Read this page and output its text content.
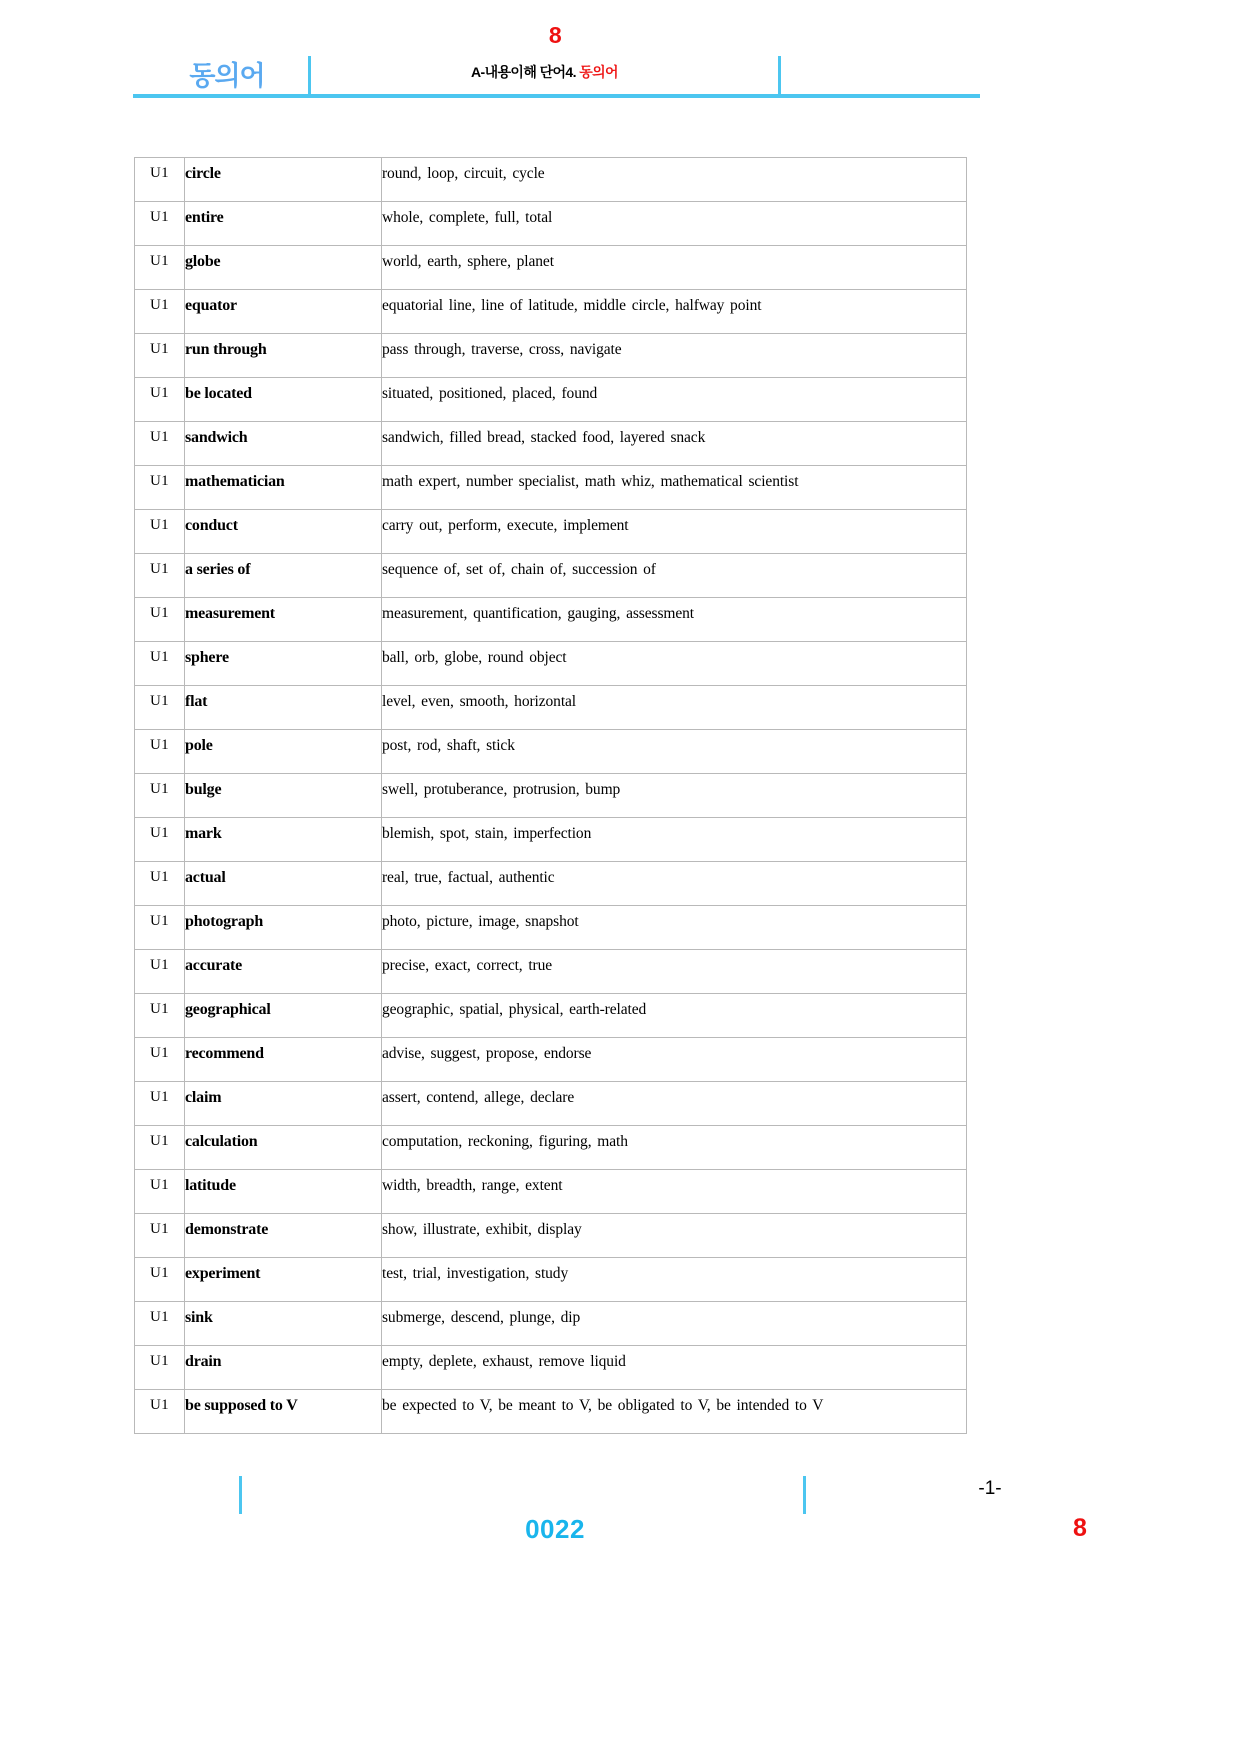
8
동의어	A-내용이해 단어4. 동의어
U1	circle	round, loop, circuit, cycle
U1	entire	whole, complete, full, total
U1	globe	world, earth, sphere, planet
U1	equator	equatorial line, line of latitude, middle circle, halfway point
U1	run through	pass through, traverse, cross, navigate
U1	be located	situated, positioned, placed, found
U1	sandwich	sandwich, filled bread, stacked food, layered snack
U1	mathematician	math expert, number specialist, math whiz, mathematical scientist
U1	conduct	carry out, perform, execute, implement
U1	a series of	sequence of, set of, chain of, succession of
U1	measurement	measurement, quantification, gauging, assessment
U1	sphere	ball, orb, globe, round object
U1	flat	level, even, smooth, horizontal
U1	pole	post, rod, shaft, stick
U1	bulge	swell, protuberance, protrusion, bump
U1	mark	blemish, spot, stain, imperfection
U1	actual	real, true, factual, authentic
U1	photograph	photo, picture, image, snapshot
U1	accurate	precise, exact, correct, true
U1	geographical	geographic, spatial, physical, earth-related
U1	recommend	advise, suggest, propose, endorse
U1	claim	assert, contend, allege, declare
U1	calculation	computation, reckoning, figuring, math
U1	latitude	width, breadth, range, extent
U1	demonstrate	show, illustrate, exhibit, display
U1	experiment	test, trial, investigation, study
U1	sink	submerge, descend, plunge, dip
U1	drain	empty, deplete, exhaust, remove liquid
U1	be supposed to V	be expected to V, be meant to V, be obligated to V, be intended to V
0022
-1-
8
